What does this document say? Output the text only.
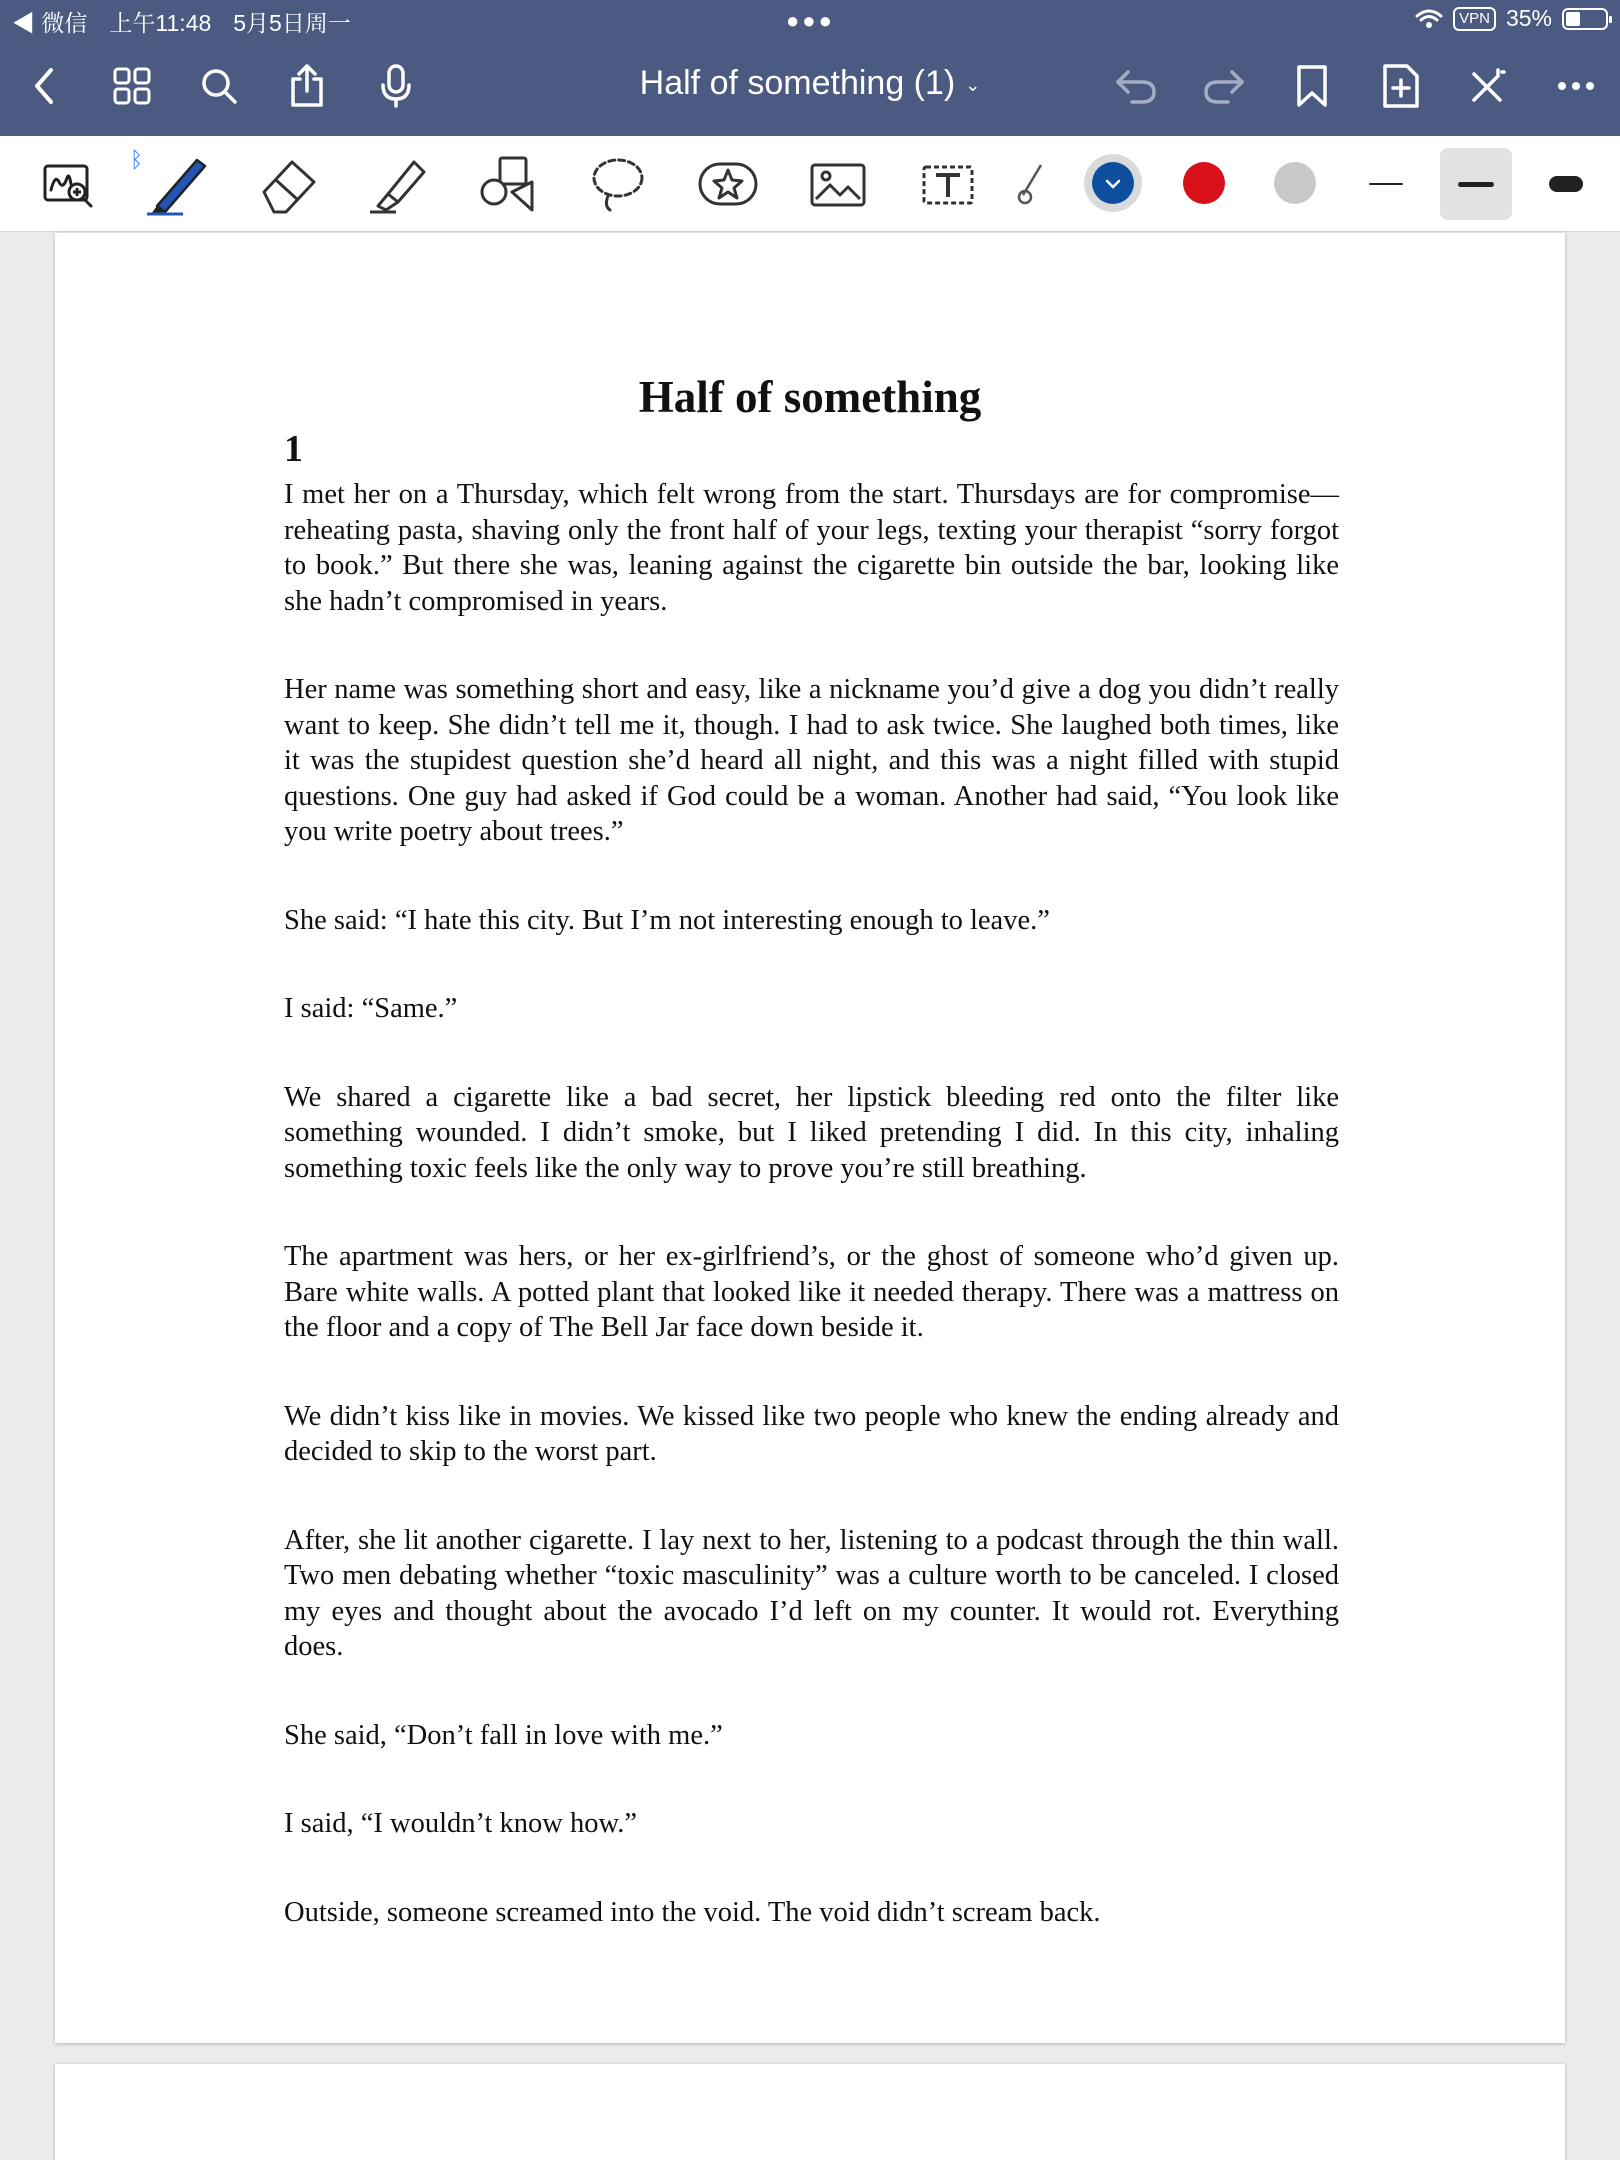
◀ 微信 上午11:48 5月5日周一	●●●	VPN 35%
Half of something (1) ⌄
ᛒ
Half of something
1

I met her on a Thursday, which felt wrong from the start. Thursdays are for compromise—reheating pasta, shaving only the front half of your legs, texting your therapist “sorry forgot to book.” But there she was, leaning against the cigarette bin outside the bar, looking like she hadn’t compromised in years.

Her name was something short and easy, like a nickname you’d give a dog you didn’t really want to keep. She didn’t tell me it, though. I had to ask twice. She laughed both times, like it was the stupidest question she’d heard all night, and this was a night filled with stupid questions. One guy had asked if God could be a woman. Another had said, “You look like you write poetry about trees.”

She said: “I hate this city. But I’m not interesting enough to leave.”

I said: “Same.”

We shared a cigarette like a bad secret, her lipstick bleeding red onto the filter like something wounded. I didn’t smoke, but I liked pretending I did. In this city, inhaling something toxic feels like the only way to prove you’re still breathing.

The apartment was hers, or her ex-girlfriend’s, or the ghost of someone who’d given up. Bare white walls. A potted plant that looked like it needed therapy. There was a mattress on the floor and a copy of The Bell Jar face down beside it.

We didn’t kiss like in movies. We kissed like two people who knew the ending already and decided to skip to the worst part.

After, she lit another cigarette. I lay next to her, listening to a podcast through the thin wall. Two men debating whether “toxic masculinity” was a culture worth to be canceled. I closed my eyes and thought about the avocado I’d left on my counter. It would rot. Everything does.

She said, “Don’t fall in love with me.”

I said, “I wouldn’t know how.”

Outside, someone screamed into the void. The void didn’t scream back.
